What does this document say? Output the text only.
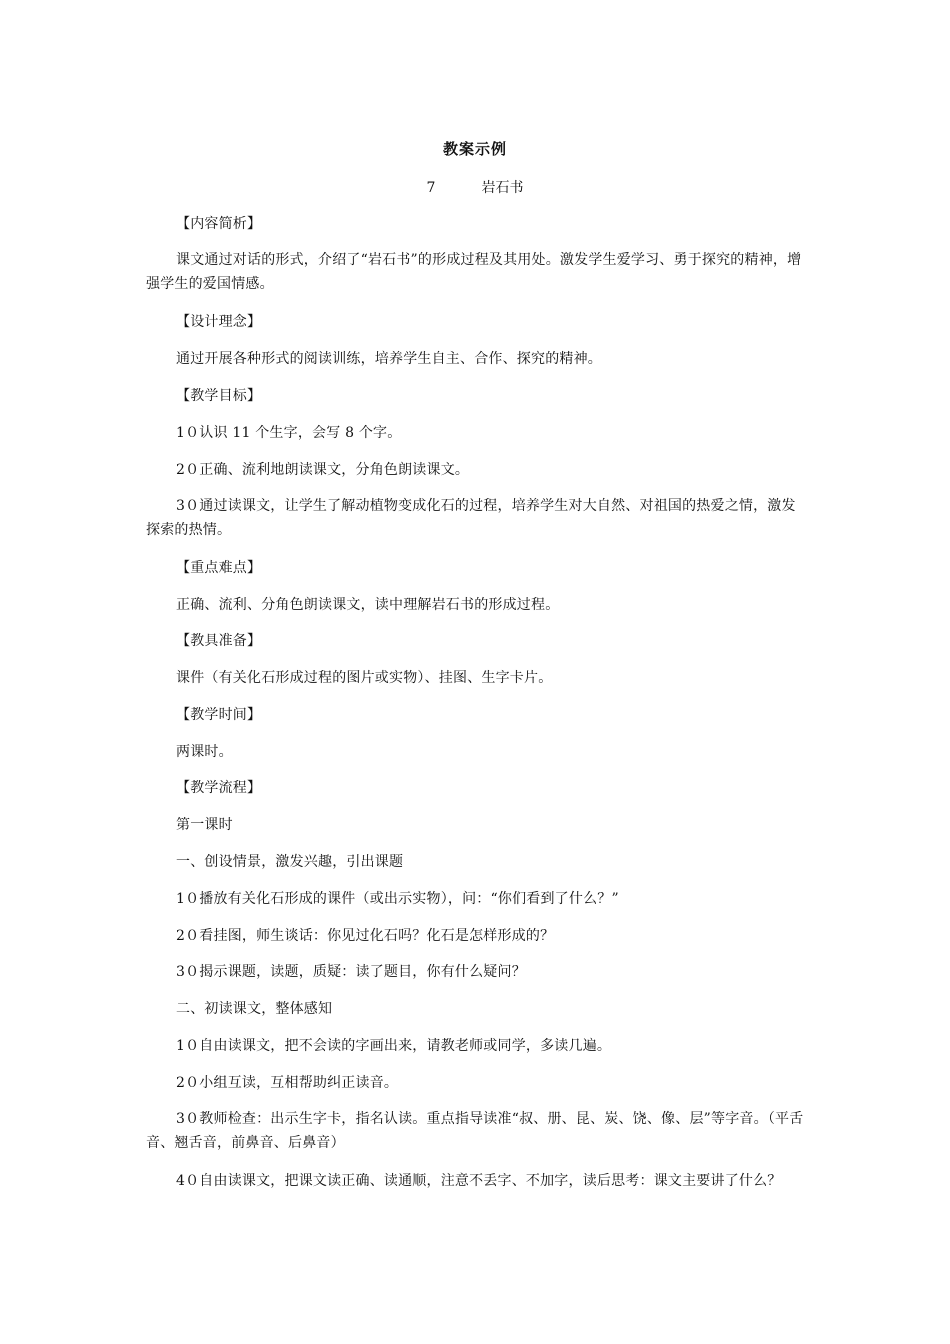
教案示例
7	岩石书
【内容简析】
课文通过对话的形式，介绍了“岩石书”的形成过程及其用处。激发学生爱学习、勇于探究的精神，增强学生的爱国情感。
【设计理念】
通过开展各种形式的阅读训练，培养学生自主、合作、探究的精神。
【教学目标】
1０认识 11 个生字，会写 8 个字。
2０正确、流利地朗读课文，分角色朗读课文。
3０通过读课文，让学生了解动植物变成化石的过程，培养学生对大自然、对祖国的热爱之情，激发探索的热情。
【重点难点】
正确、流利、分角色朗读课文，读中理解岩石书的形成过程。
【教具准备】
课件（有关化石形成过程的图片或实物）、挂图、生字卡片。
【教学时间】
两课时。
【教学流程】
第一课时
一、创设情景，激发兴趣，引出课题
1０播放有关化石形成的课件（或出示实物），问：“你们看到了什么？”
2０看挂图，师生谈话：你见过化石吗？化石是怎样形成的？
3０揭示课题，读题，质疑：读了题目，你有什么疑问？
二、初读课文，整体感知
1０自由读课文，把不会读的字画出来，请教老师或同学，多读几遍。
2０小组互读，互相帮助纠正读音。
3０教师检查：出示生字卡，指名认读。重点指导读准“叔、册、昆、炭、饶、像、层”等字音。（平舌音、翘舌音，前鼻音、后鼻音）
4０自由读课文，把课文读正确、读通顺，注意不丢字、不加字，读后思考：课文主要讲了什么？
